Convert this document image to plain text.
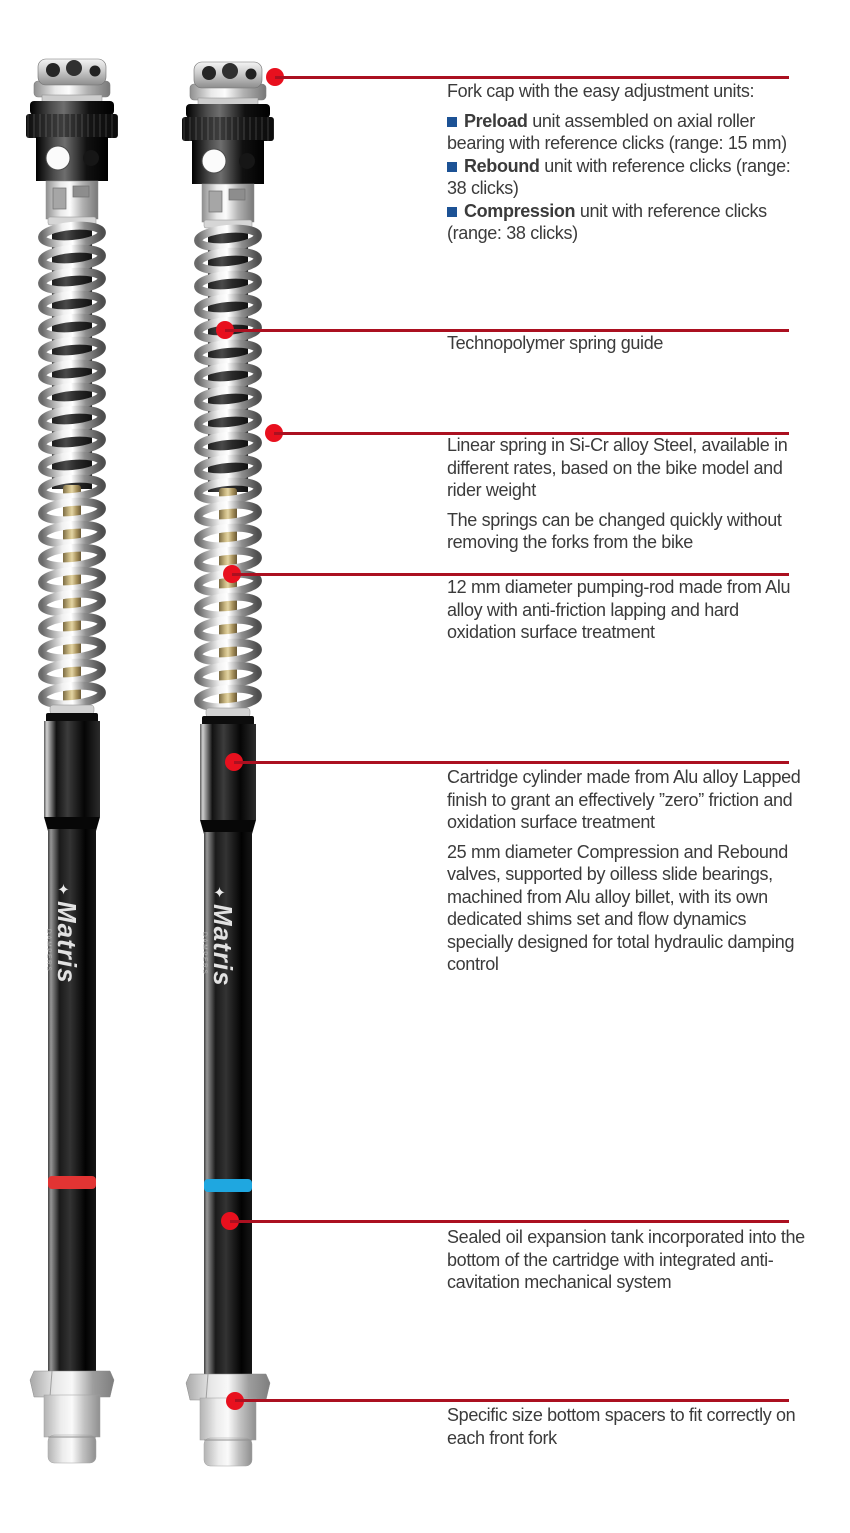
✦
Matris
DAMPERS
✦
Matris
DAMPERS

Fork cap with the easy adjustment units:

Preload unit assembled on axial roller bearing with reference clicks (range: 15 mm)

Rebound unit with reference clicks (range: 38 clicks)

Compression unit with reference clicks (range: 38 clicks)

Technopolymer spring guide

Linear spring in Si-Cr alloy Steel, available in different rates, based on the bike model and rider weight

The springs can be changed quickly without removing the forks from the bike

12 mm diameter pumping-rod made from Alu alloy with anti-friction lapping and hard oxidation surface treatment

Cartridge cylinder made from Alu alloy Lapped finish to grant an effectively ”zero” friction and oxidation surface treatment

25 mm diameter Compression and Rebound valves, supported by oilless slide bearings, machined from Alu alloy billet, with its own dedicated shims set and flow dynamics specially designed for total hydraulic damping control

Sealed oil expansion tank incorporated into the bottom of the cartridge with integrated anti-cavitation mechanical system

Specific size bottom spacers to fit correctly on each front fork
